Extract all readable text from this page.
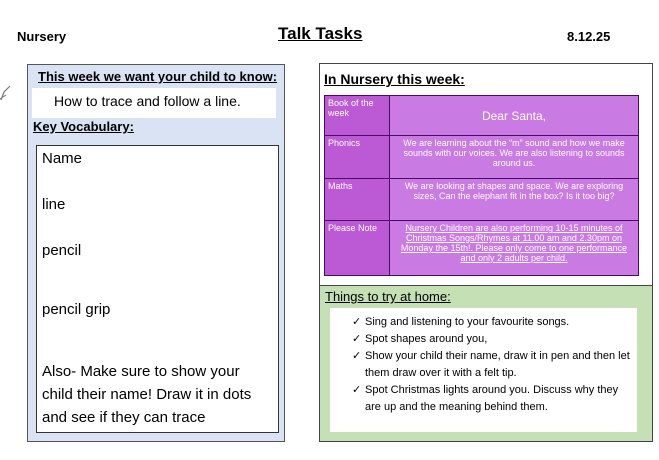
Nursery	Talk Tasks	8.12.25
This week we want your child to know:
How to trace and follow a line.
Key Vocabulary:
Name
line
pencil
pencil grip
Also- Make sure to show your child their name! Draw it in dots and see if they can trace
In Nursery this week:
Book of the week	Dear Santa,
Phonics	We are learning about the “m” sound and how we make sounds with our voices. We are also listening to sounds around us.
Maths	We are looking at shapes and space. We are exploring sizes, Can the elephant fit in the box? Is it too big?
Please Note	Nursery Children are also performing 10-15 minutes of Christmas Songs/Rhymes at 11.00 am and 2.30pm on Monday the 15th!. Please only come to one performance and only 2 adults per child.
Things to try at home:
✓ Sing and listening to your favourite songs.
✓ Spot shapes around you,
✓ Show your child their name, draw it in pen and then let them draw over it with a felt tip.
✓ Spot Christmas lights around you. Discuss why they are up and the meaning behind them.
